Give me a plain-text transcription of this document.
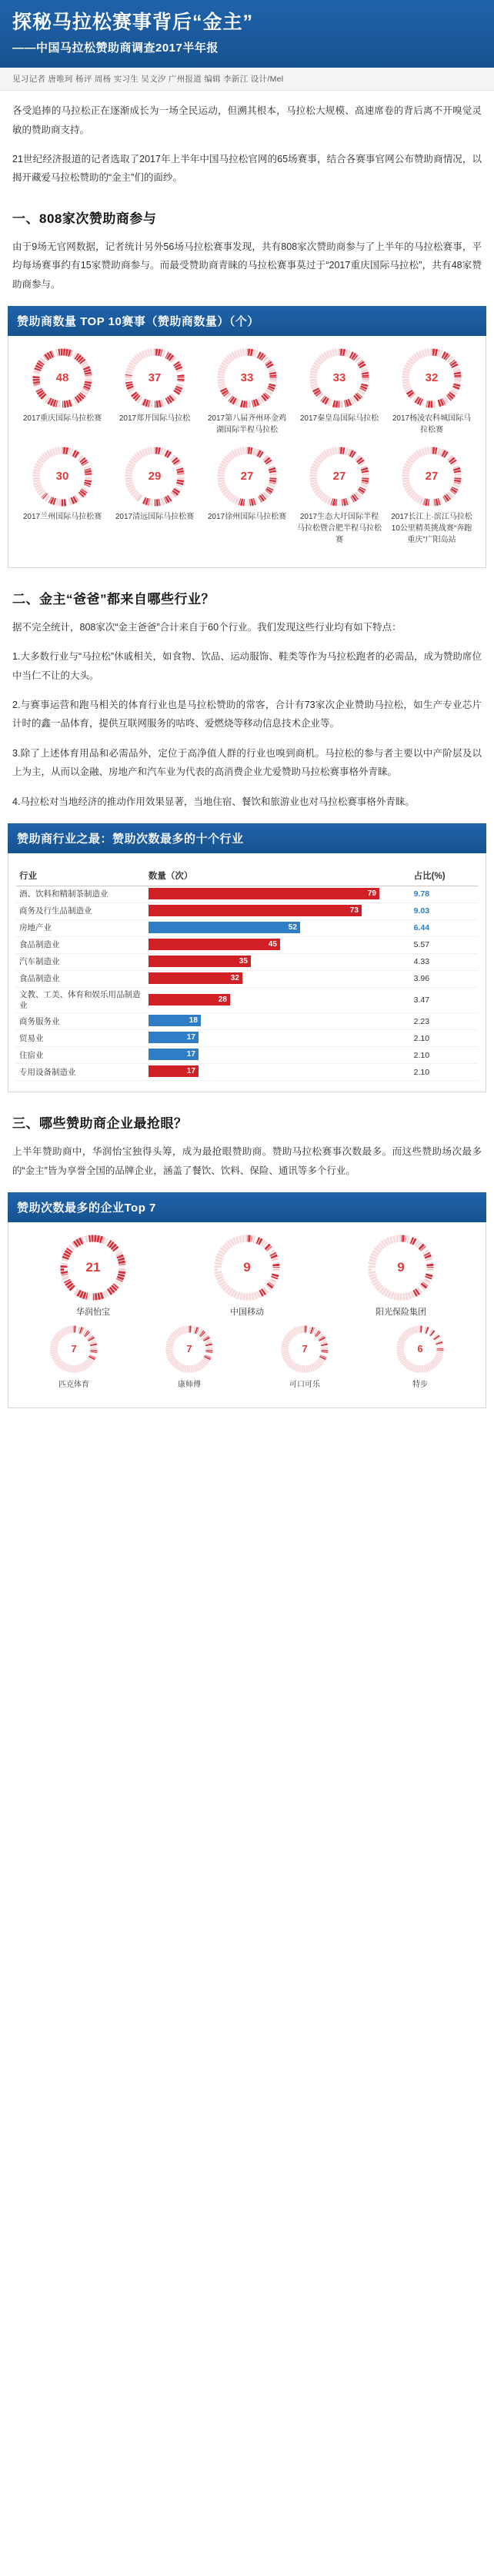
探秘马拉松赛事背后“金主”
——中国马拉松赞助商调查2017半年报
见习记者 唐唯珂 杨评 周杨 实习生 吴文汐 广州报道 编辑 李新江 设计/Mel

各受追捧的马拉松正在逐渐成长为一场全民运动，但溯其根本，马拉松大规模、高速席卷的背后离不开嗅觉灵敏的赞助商支持。

21世纪经济报道的记者选取了2017年上半年中国马拉松官网的65场赛事，结合各赛事官网公布赞助商情况，以揭开藏爱马拉松赞助的“金主”们的面纱。

一、808家次赞助商参与

由于9场无官网数据，记者统计另外56场马拉松赛事发现，共有808家次赞助商参与了上半年的马拉松赛事，平均每场赛事约有15家赞助商参与。而最受赞助商青睐的马拉松赛事莫过于“2017重庆国际马拉松”，共有48家赞助商参与。

赞助商数量 TOP 10赛事（赞助商数量）（个）
48
2017重庆国际马拉松赛
37
2017郑开国际马拉松
33
2017第八届齐州环金鸡湖国际半程马拉松
33
2017秦皇岛国际马拉松
32
2017杨凌农科城国际马拉松赛
30
2017兰州国际马拉松赛
29
2017清远国际马拉松赛
27
2017徐州国际马拉松赛
27
2017生态大圩国际半程马拉松暨合肥半程马拉松赛
27
2017长江上·滨江马拉松10公里精英挑战赛“奔跑重庆”广阳岛站
二、金主“爸爸”都来自哪些行业？

据不完全统计，808家次“金主爸爸”合计来自于60个行业。我们发现这些行业均有如下特点：

1.大多数行业与“马拉松”休戚相关，如食物、饮品、运动服饰、鞋类等作为马拉松跑者的必需品，成为赞助席位中当仁不让的大头。

2.与赛事运营和跑马相关的体育行业也是马拉松赞助的常客，合计有73家次企业赞助马拉松，如生产专业芯片计时的鑫一品体育，提供互联网服务的咕咚、爱燃烧等移动信息技术企业等。

3.除了上述体育用品和必需品外，定位于高净值人群的行业也嗅到商机。马拉松的参与者主要以中产阶层及以上为主，从而以金融、房地产和汽车业为代表的高消费企业尤爱赞助马拉松赛事格外青睐。

4.马拉松对当地经济的推动作用效果显著，当地住宿、餐饮和旅游业也对马拉松赛事格外青睐。

赞助商行业之最：赞助次数最多的十个行业
行业	数量（次）	占比(%)
酒、饮料和精制茶制造业	79	9.78
商务及行生品制造业	73	9.03
房地产业	52	6.44
食品制造业	45	5.57
汽车制造业	35	4.33
食品制造业	32	3.96
文教、工美、体育和娱乐用品制造业	28	3.47
商务服务业	18	2.23
贸易业	17	2.10
住宿业	17	2.10
专用设备制造业	17	2.10
三、哪些赞助商企业最抢眼？

上半年赞助商中，华润怡宝独得头筹，成为最抢眼赞助商。赞助马拉松赛事次数最多。而这些赞助场次最多的“金主”皆为享誉全国的品牌企业，涵盖了餐饮、饮料、保险、通讯等多个行业。

赞助次数最多的企业Top 7
21
华润怡宝
9
中国移动
9
阳光保险集团
7
匹克体育
7
康师傅
7
可口可乐
6
特步
